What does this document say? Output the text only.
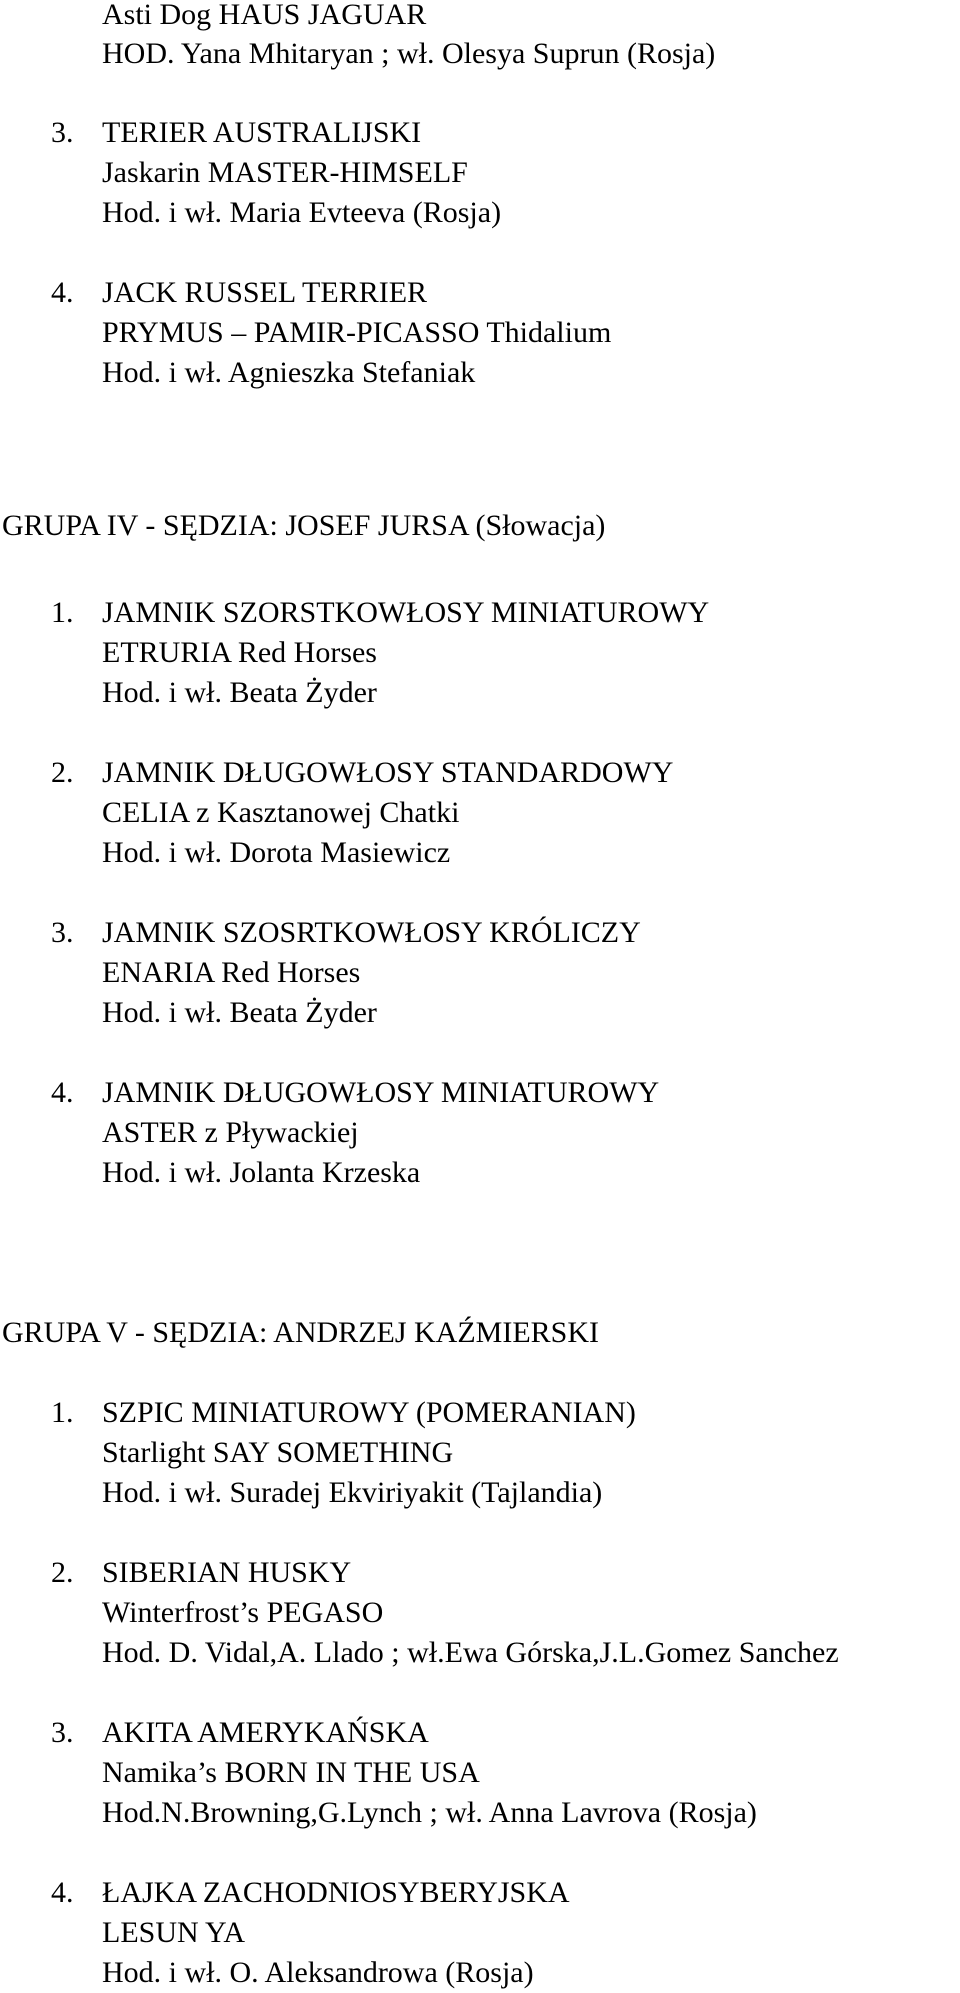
Asti Dog HAUS JAGUAR
HOD. Yana Mhitaryan ; wł. Olesya Suprun (Rosja)
3. TERIER AUSTRALIJSKI
Jaskarin MASTER-HIMSELF
Hod. i wł. Maria Evteeva (Rosja)
4. JACK RUSSEL TERRIER
PRYMUS – PAMIR-PICASSO Thidalium
Hod. i wł. Agnieszka Stefaniak
GRUPA IV - SĘDZIA: JOSEF JURSA (Słowacja)
1. JAMNIK SZORSTKOWŁOSY MINIATUROWY
ETRURIA Red Horses
Hod. i wł. Beata Żyder
2. JAMNIK DŁUGOWŁOSY STANDARDOWY
CELIA z Kasztanowej Chatki
Hod. i wł. Dorota Masiewicz
3. JAMNIK SZOSRTKOWŁOSY KRÓLICZY
ENARIA Red Horses
Hod. i wł. Beata Żyder
4. JAMNIK DŁUGOWŁOSY MINIATUROWY
ASTER z Pływackiej
Hod. i wł. Jolanta Krzeska
GRUPA V - SĘDZIA: ANDRZEJ KAŹMIERSKI
1. SZPIC MINIATUROWY (POMERANIAN)
Starlight SAY SOMETHING
Hod. i wł. Suradej Ekviriyakit (Tajlandia)
2. SIBERIAN HUSKY
Winterfrost’s PEGASO
Hod. D. Vidal,A. Llado ; wł.Ewa Górska,J.L.Gomez Sanchez
3. AKITA AMERYKAŃSKA
Namika’s BORN IN THE USA
Hod.N.Browning,G.Lynch ; wł. Anna Lavrova (Rosja)
4. ŁAJKA ZACHODNIOSYBERYJSKA
LESUN YA
Hod. i wł. O. Aleksandrowa (Rosja)
